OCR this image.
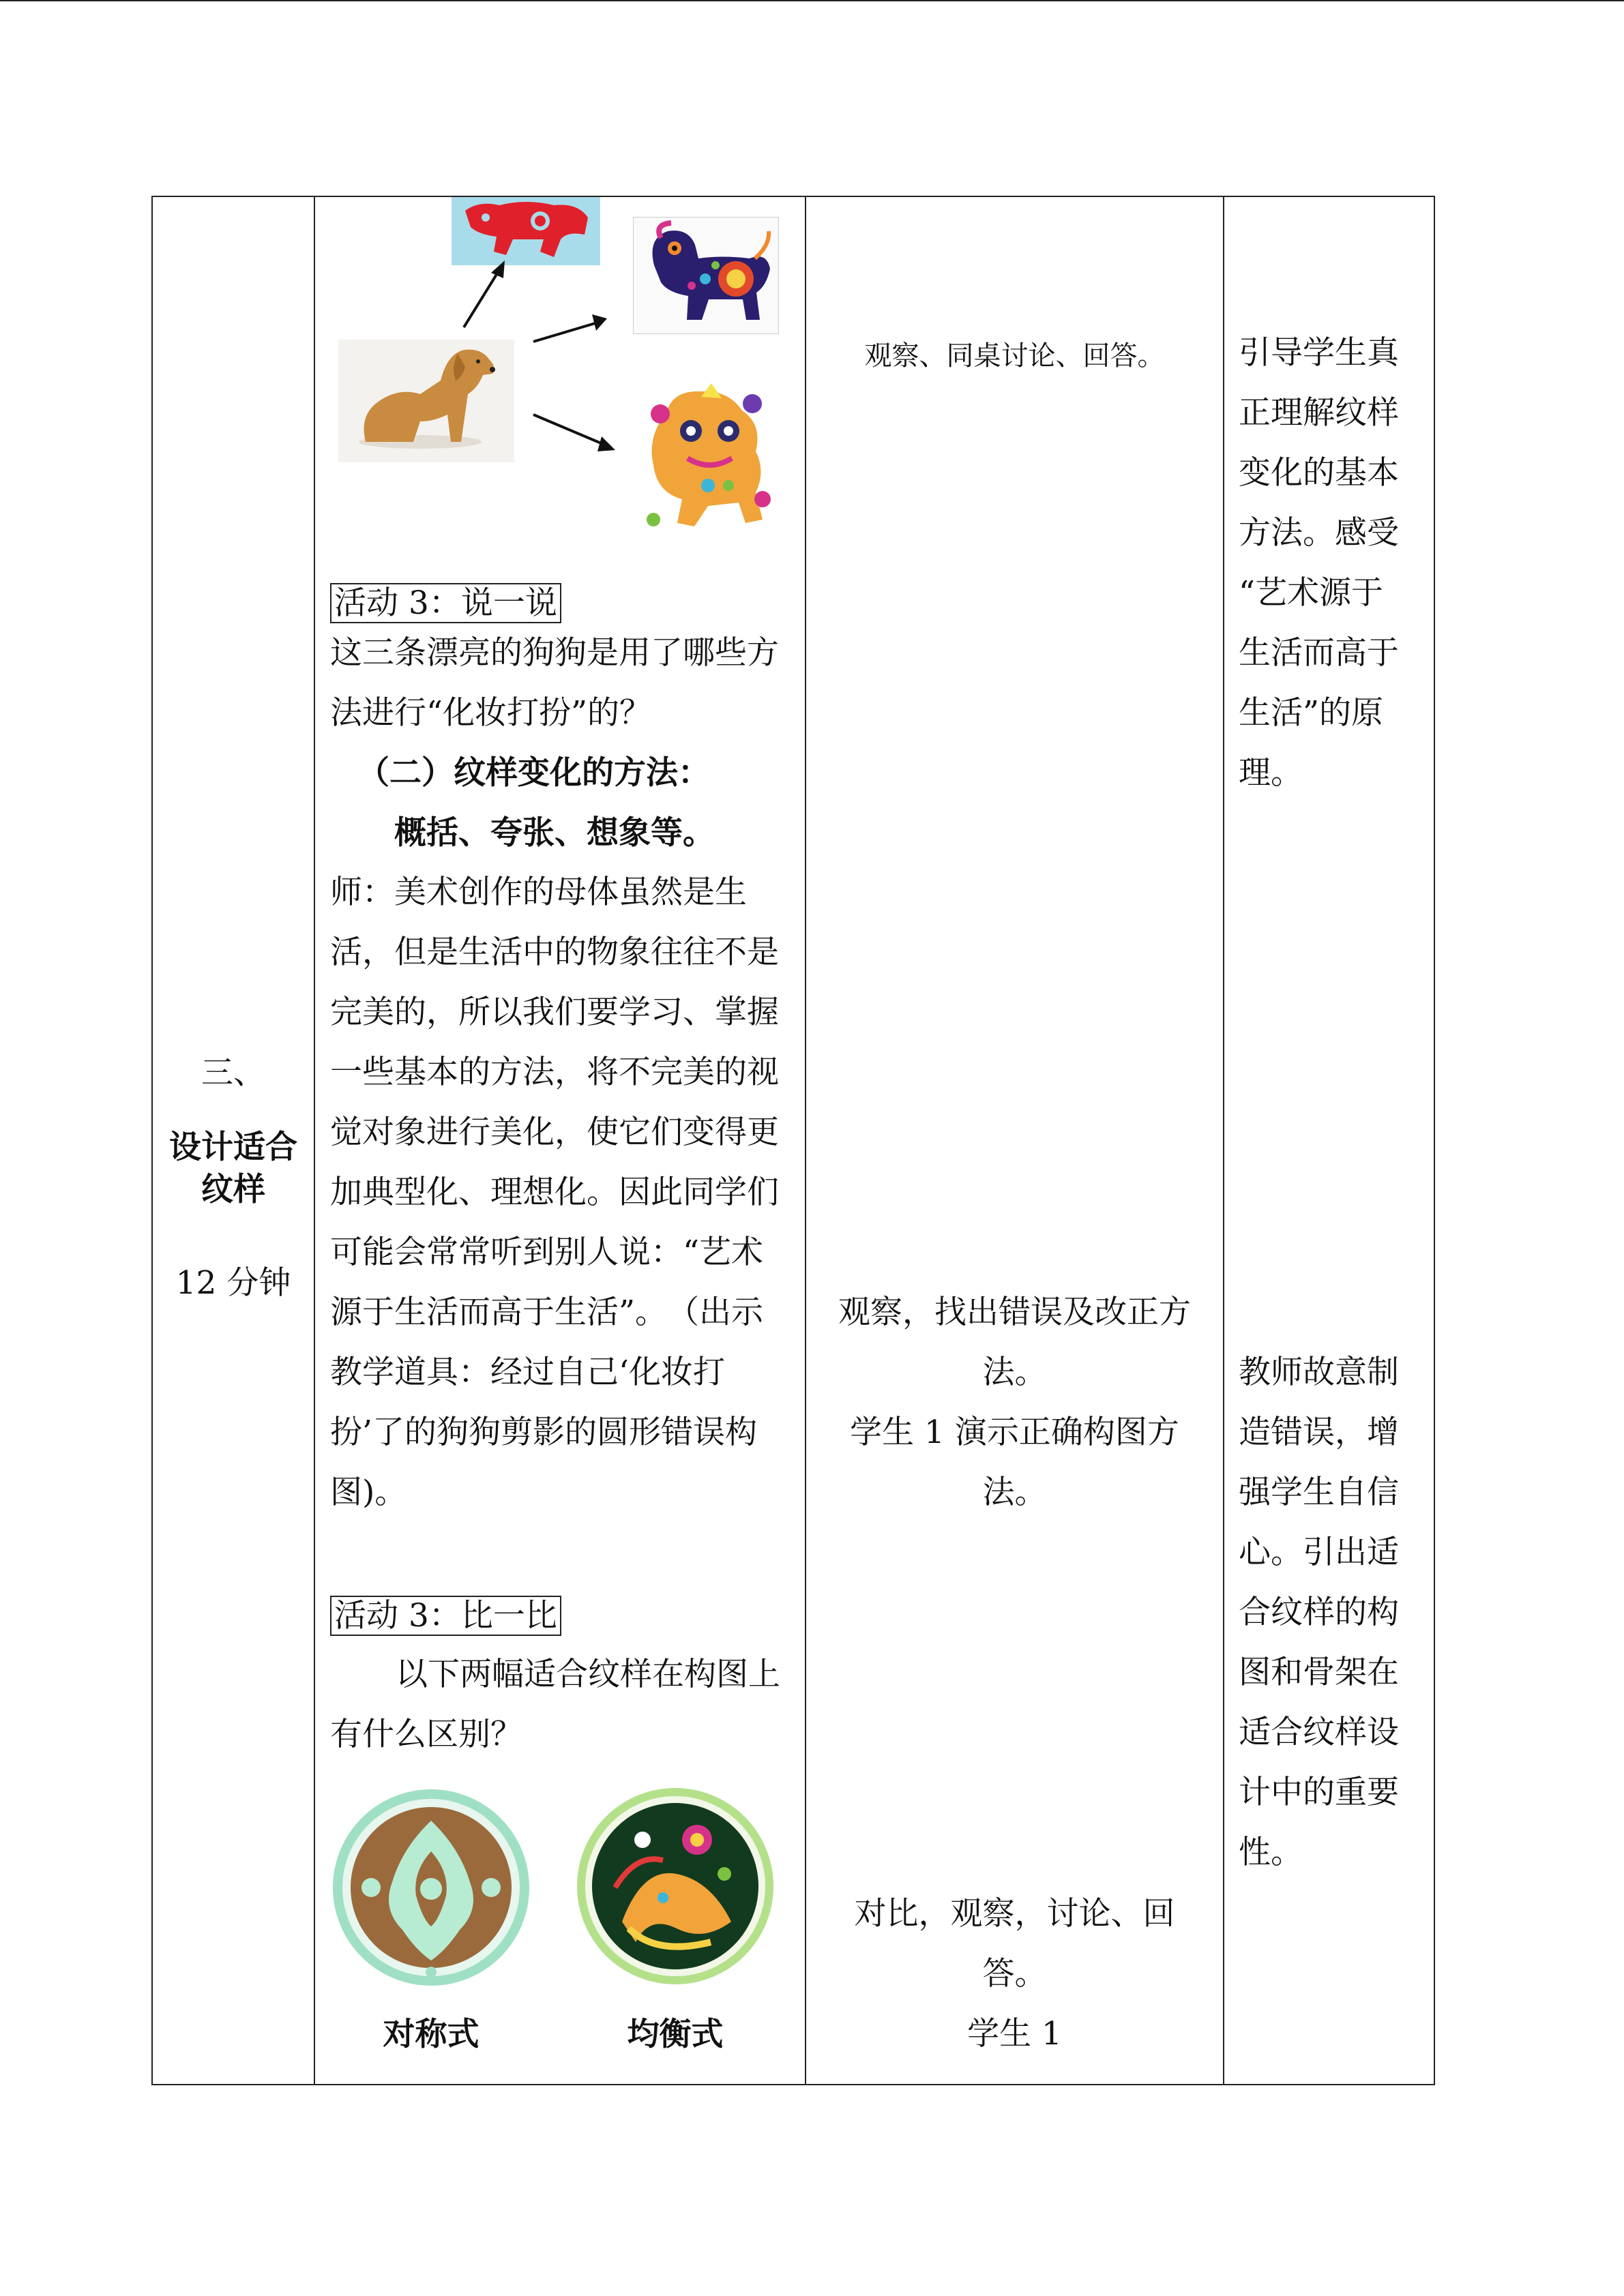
三、
设计适合
纹样
12 分钟
活动 3：说一说
这三条漂亮的狗狗是用了哪些方
法进行“化妆打扮”的？
（二）纹样变化的方法：
概括、夸张、想象等。
师：美术创作的母体虽然是生
活，但是生活中的物象往往不是
完美的，所以我们要学习、掌握
一些基本的方法，将不完美的视
觉对象进行美化，使它们变得更
加典型化、理想化。因此同学们
可能会常常听到别人说：“艺术
源于生活而高于生活”。　（出示
教学道具：经过自己‘化妆打
扮’了的狗狗剪影的圆形错误构
图)。
活动 3：比一比
以下两幅适合纹样在构图上
有什么区别？
对称式	均衡式
观察、同桌讨论、回答。
观察，找出错误及改正方
法。
学生 1 演示正确构图方
法。
对比，观察，讨论、回
答。
学生 1
引导学生真
正理解纹样
变化的基本
方法。感受
“艺术源于
生活而高于
生活”的原
理。
教师故意制
造错误，增
强学生自信
心。引出适
合纹样的构
图和骨架在
适合纹样设
计中的重要
性。
